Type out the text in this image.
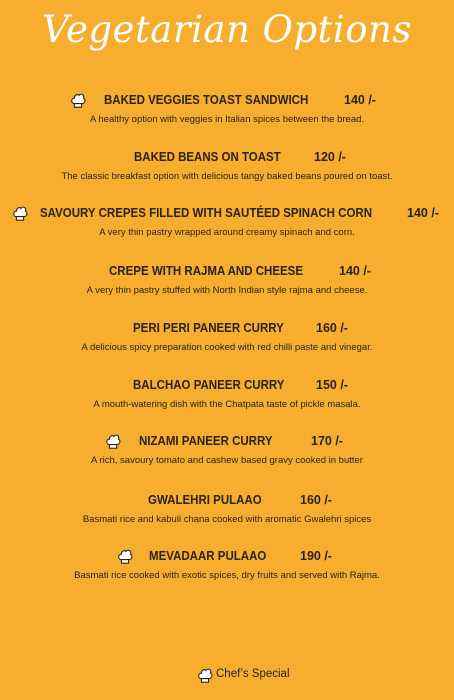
Vegetarian Options
BAKED VEGGIES TOAST SANDWICH	140 /-
A healthy option with veggies in Italian spices between the bread.
BAKED BEANS ON TOAST	120 /-
The classic breakfast option with delicious tangy baked beans poured on toast.
SAVOURY CREPES FILLED WITH SAUTÉED SPINACH CORN	140 /-
A very thin pastry wrapped around creamy spinach and corn.
CREPE WITH RAJMA AND CHEESE	140 /-
A very thin pastry stuffed with North Indian style rajma and cheese.
PERI PERI PANEER CURRY	160 /-
A delicious spicy preparation cooked with red chilli paste and vinegar.
BALCHAO PANEER CURRY	150 /-
A mouth-watering dish with the Chatpata taste of pickle masala.
NIZAMI PANEER CURRY	170 /-
A rich, savoury tomato and cashew based gravy cooked in butter
GWALEHRI PULAAO	160 /-
Basmati rice and kabuli chana cooked with aromatic Gwalehri spices
MEVADAAR PULAAO	190 /-
Basmati rice cooked with exotic spices, dry fruits and served with Rajma.
Chef’s Special
